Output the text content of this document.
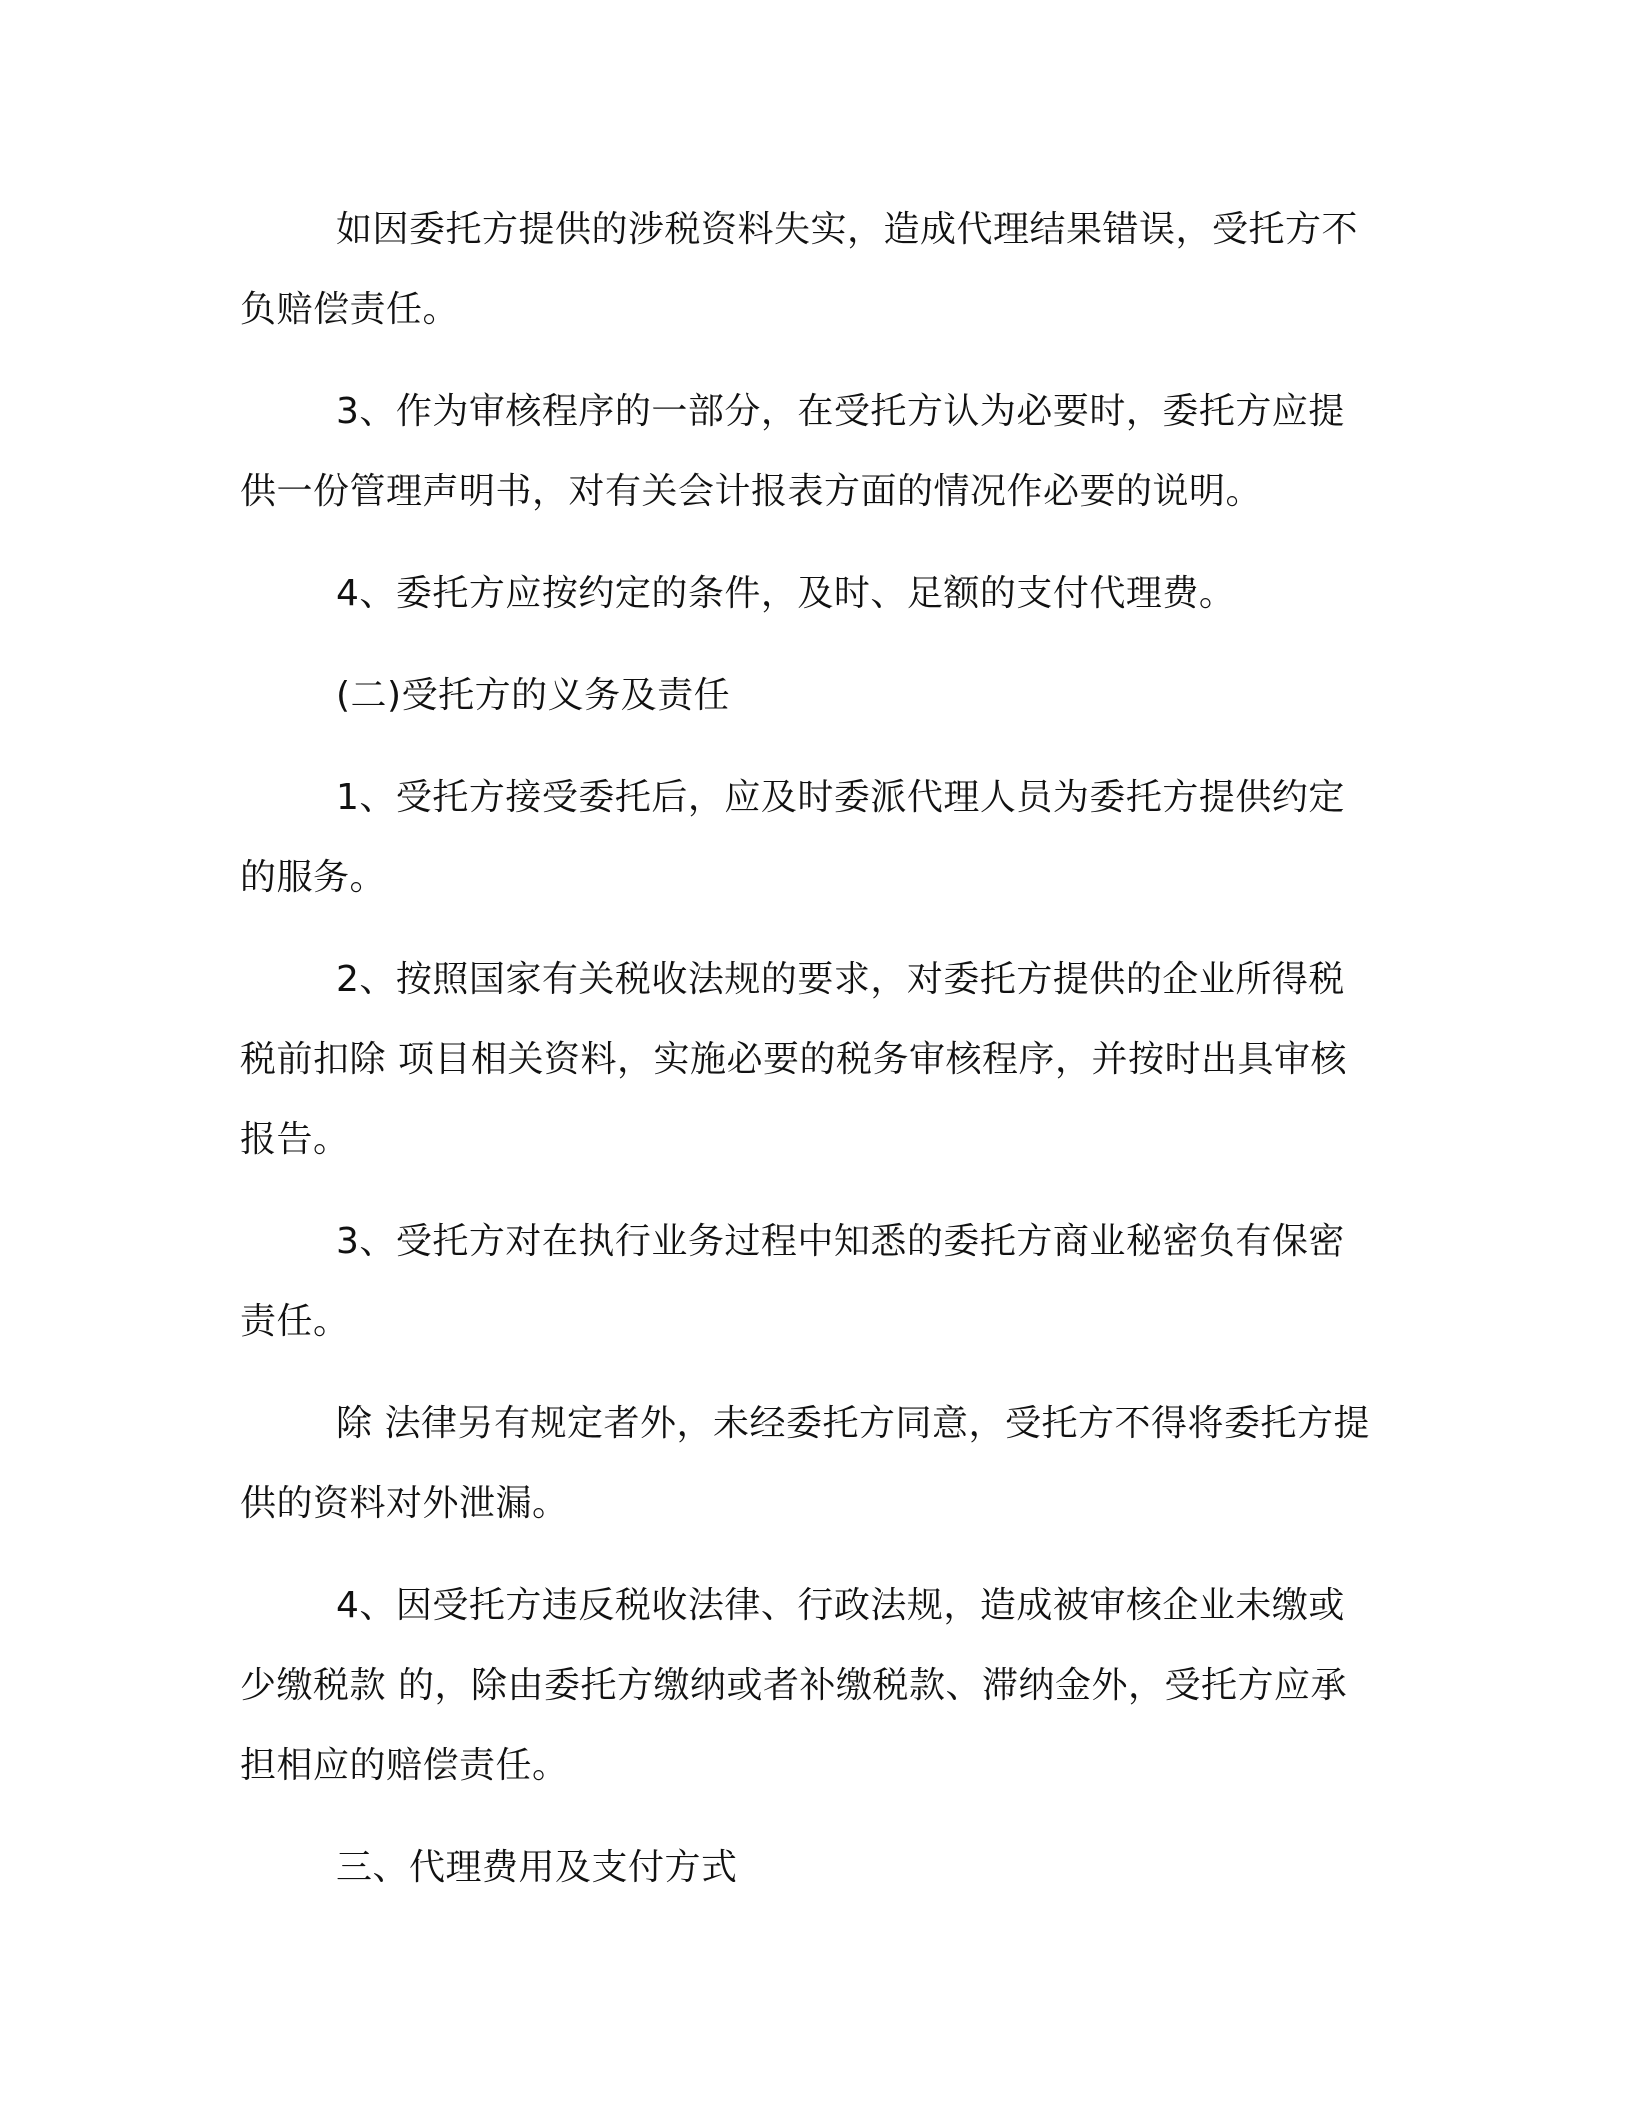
如因委托方提供的涉税资料失实，造成代理结果错误，受托方不负赔偿责任。

3、作为审核程序的一部分，在受托方认为必要时，委托方应提供一份管理声明书，对有关会计报表方面的情况作必要的说明。

4、委托方应按约定的条件，及时、足额的支付代理费。

(二)受托方的义务及责任

1、受托方接受委托后，应及时委派代理人员为委托方提供约定的服务。

2、按照国家有关税收法规的要求，对委托方提供的企业所得税税前扣除 项目相关资料，实施必要的税务审核程序，并按时出具审核报告。

3、受托方对在执行业务过程中知悉的委托方商业秘密负有保密责任。

除 法律另有规定者外，未经委托方同意，受托方不得将委托方提供的资料对外泄漏。

4、因受托方违反税收法律、行政法规，造成被审核企业未缴或少缴税款 的，除由委托方缴纳或者补缴税款、滞纳金外，受托方应承担相应的赔偿责任。

三、代理费用及支付方式
